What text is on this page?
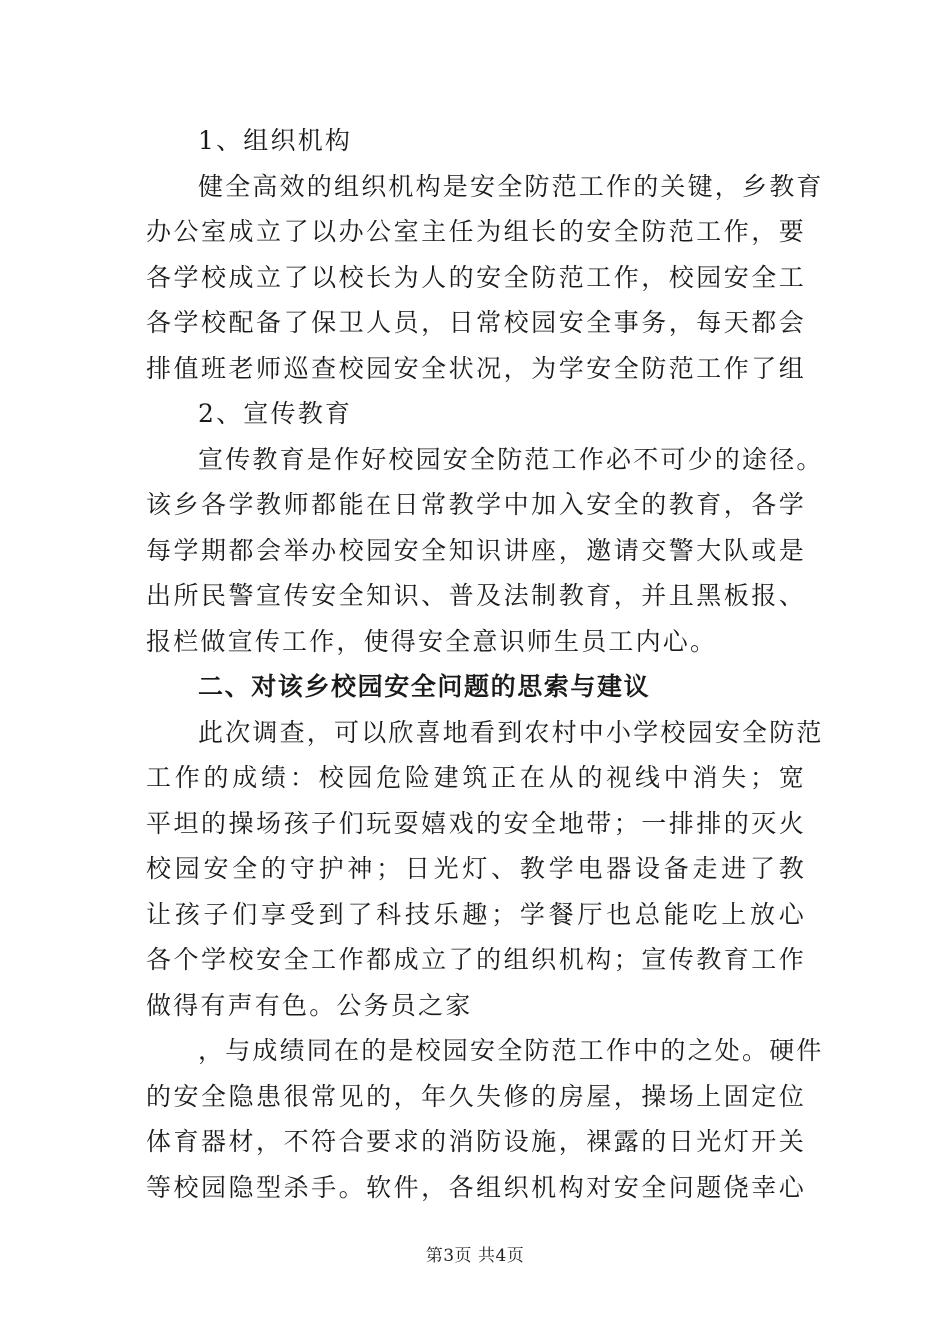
1、组织机构
健全高效的组织机构是安全防范工作的关键，乡教育
办公室成立了以办公室主任为组长的安全防范工作，要
各学校成立了以校长为人的安全防范工作，校园安全工
各学校配备了保卫人员，日常校园安全事务，每天都会
排值班老师巡查校园安全状况，为学安全防范工作了组
2、宣传教育
宣传教育是作好校园安全防范工作必不可少的途径。
该乡各学教师都能在日常教学中加入安全的教育，各学
每学期都会举办校园安全知识讲座，邀请交警大队或是
出所民警宣传安全知识、普及法制教育，并且黑板报、
报栏做宣传工作，使得安全意识师生员工内心。
二、对该乡校园安全问题的思索与建议
此次调查，可以欣喜地看到农村中小学校园安全防范
工作的成绩：校园危险建筑正在从的视线中消失；宽
平坦的操场孩子们玩耍嬉戏的安全地带；一排排的灭火
校园安全的守护神；日光灯、教学电器设备走进了教
让孩子们享受到了科技乐趣；学餐厅也总能吃上放心
各个学校安全工作都成立了的组织机构；宣传教育工作
做得有声有色。公务员之家
，与成绩同在的是校园安全防范工作中的之处。硬件
的安全隐患很常见的，年久失修的房屋，操场上固定位
体育器材，不符合要求的消防设施，裸露的日光灯开关
等校园隐型杀手。软件，各组织机构对安全问题侥幸心
第3页 共4页
